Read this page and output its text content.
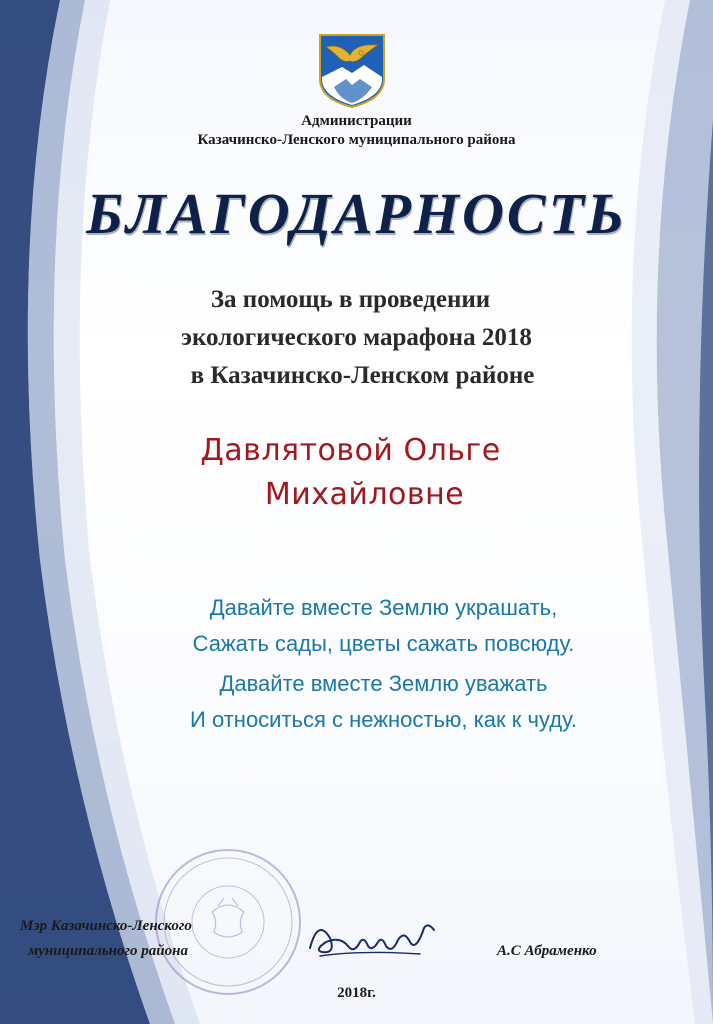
Администрации
Казачинско-Ленского муниципального района
БЛАГОДАРНОСТЬ
За помощь в проведении
экологического марафона 2018
в Казачинско-Ленском районе
Давлятовой Ольге
Михайловне
Давайте вместе Землю украшать,
Сажать сады, цветы сажать повсюду.
Давайте вместе Землю уважать
И относиться с нежностью, как к чуду.
Мэр Казачинско-Ленского
муниципального района	А.С Абраменко
2018г.
